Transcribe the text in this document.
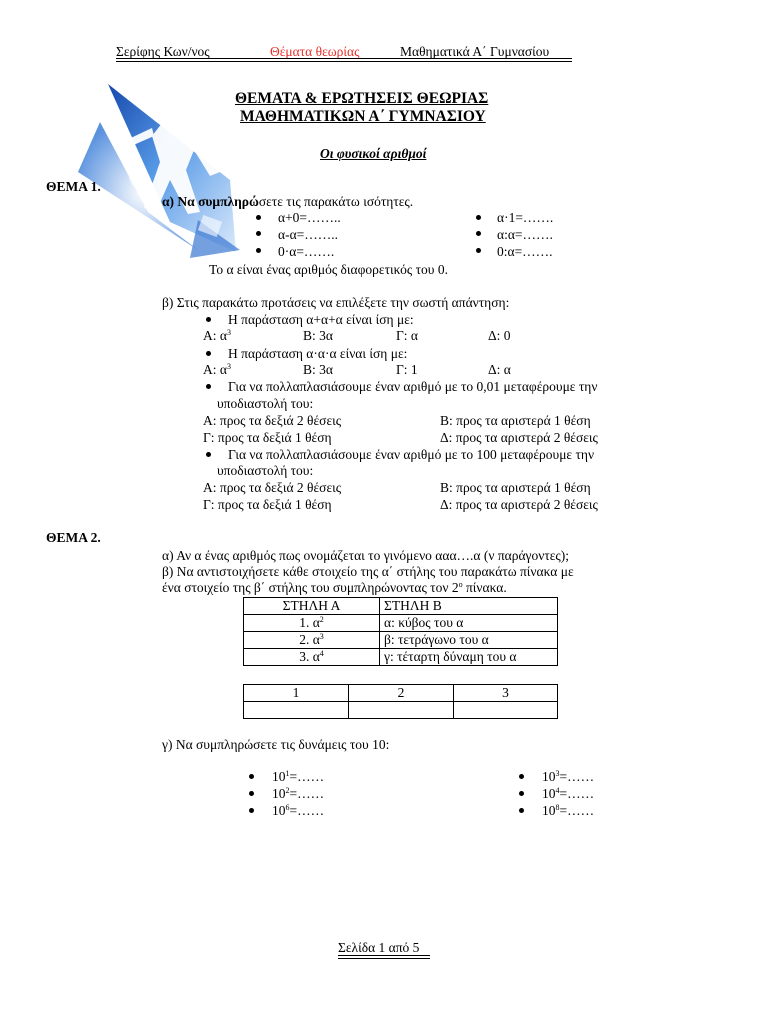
Σερίφης Κων/νος	Θέματα θεωρίας	Μαθηματικά Α΄ Γυμνασίου
ΘΕΜΑΤΑ & ΕΡΩΤΗΣΕΙΣ ΘΕΩΡΙΑΣ
ΜΑΘΗΜΑΤΙΚΩΝ Α΄ ΓΥΜΝΑΣΙΟΥ
Οι φυσικοί αριθμοί
ΘΕΜΑ 1.
α) Να συμπληρώσετε τις παρακάτω ισότητες.
α+0=……..
α-α=……..
0·α=…….
α·1=…….
α:α=…….
0:α=…….
Το α είναι ένας αριθμός διαφορετικός του 0.
β) Στις παρακάτω προτάσεις να επιλέξετε την σωστή απάντηση:
Η παράσταση α+α+α είναι ίση με:
Α: $\alpha^3$	Β: 3α	Γ: α	Δ: 0
Η παράσταση α·α·α είναι ίση με:
Α: $\alpha^3$	Β: 3α	Γ: 1	Δ: α
Για να πολλαπλασιάσουμε έναν αριθμό με το 0,01 μεταφέρουμε την
υποδιαστολή του:
Α: προς τα δεξιά 2 θέσεις	Β: προς τα αριστερά 1 θέση
Γ: προς τα δεξιά 1 θέση	Δ: προς τα αριστερά 2 θέσεις
Για να πολλαπλασιάσουμε έναν αριθμό με το 100 μεταφέρουμε την
υποδιαστολή του:
Α: προς τα δεξιά 2 θέσεις	Β: προς τα αριστερά 1 θέση
Γ: προς τα δεξιά 1 θέση	Δ: προς τα αριστερά 2 θέσεις
ΘΕΜΑ 2.
α) Αν α ένας αριθμός πως ονομάζεται το γινόμενο ααα….α (ν παράγοντες);
β) Να αντιστοιχήσετε κάθε στοιχείο της α΄ στήλης του παρακάτω πίνακα με
ένα στοιχείο της β΄ στήλης του συμπληρώνοντας τον $2^o$ πίνακα.
ΣΤΗΛΗ Α	ΣΤΗΛΗ Β
1. $\alpha^2$	α: κύβος του α
2. $\alpha^3$	β: τετράγωνο του α
3. $\alpha^4$	γ: τέταρτη δύναμη του α
1	2	3

γ) Να συμπληρώσετε τις δυνάμεις του 10:
$10^1=\dots\dots$
$10^2=\dots\dots$
$10^6=\dots\dots$
$10^3=\dots\dots$
$10^4=\dots\dots$
$10^8=\dots\dots$
Σελίδα 1 από 5
